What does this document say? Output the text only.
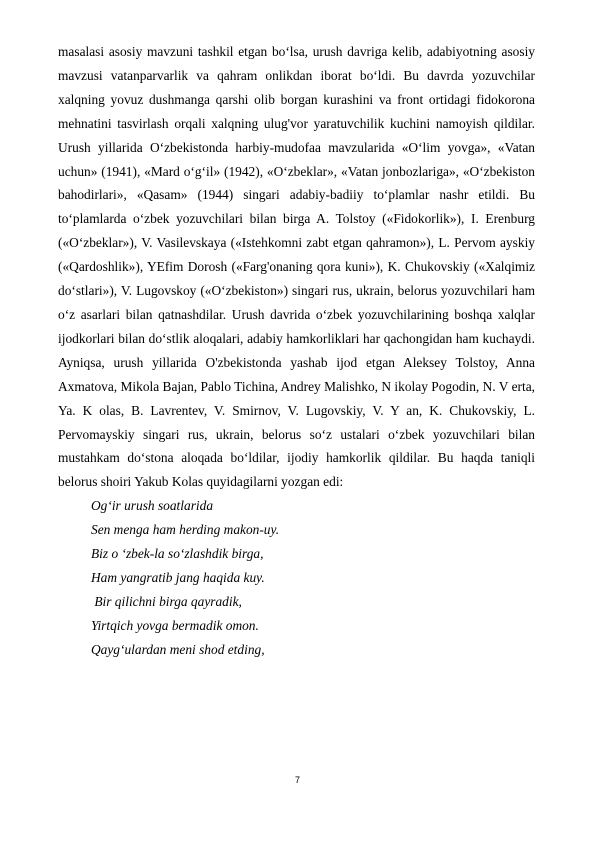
masalasi asosiy mavzuni tashkil etgan bo‘lsa, urush davriga kelib, adabiyotning asosiy mavzusi vatanparvarlik va qahram onlikdan iborat bo‘ldi. Bu davrda yozuvchilar xalqning yovuz dushmanga qarshi olib borgan kurashini va front ortidagi fidokorona mehnatini tasvirlash orqali xalqning ulug'vor yaratuvchilik kuchini namoyish qildilar. Urush yillarida O‘zbekistonda harbiy-mudofaa mavzularida «O‘lim yovga», «Vatan uchun» (1941), «Mard o‘g‘il» (1942), «O‘zbeklar», «Vatan jonbozlariga», «O‘zbekiston bahodirlari», «Qasam» (1944) singari adabiy-badiiy to‘plamlar nashr etildi. Bu to‘plamlarda o‘zbek yozuvchilari bilan birga A. Tolstoy («Fidokorlik»), I. Erenburg («O‘zbeklar»), V. Vasilevskaya («Istehkomni zabt etgan qahramon»), L. Pervom ayskiy («Qardoshlik»), YEfim Dorosh («Farg'onaning qora kuni»), K. Chukovskiy («Xalqimiz do‘stlari»), V. Lugovskoy («O‘zbekiston») singari rus, ukrain, belorus yozuvchilari ham o‘z asarlari bilan qatnashdilar. Urush davrida o‘zbek yozuvchilarining boshqa xalqlar ijodkorlari bilan do‘stlik aloqalari, adabiy hamkorliklari har qachongidan ham kuchaydi. Ayniqsa, urush yillarida O'zbekistonda yashab ijod etgan Aleksey Tolstoy, Anna Axmatova, Mikola Bajan, Pablo Tichina, Andrey Malishko, N ikolay Pogodin, N. V erta, Ya. K olas, B. Lavrentev, V. Smirnov, V. Lugovskiy, V. Y an, K. Chukovskiy, L. Pervomayskiy singari rus, ukrain, belorus so‘z ustalari o‘zbek yozuvchilari bilan mustahkam do‘stona aloqada bo‘ldilar, ijodiy hamkorlik qildilar. Bu haqda taniqli belorus shoiri Yakub Kolas quyidagilarni yozgan edi:

Og‘ir urush soatlarida

Sen menga ham herding makon-uy.

Biz o ‘zbek-la so‘zlashdik birga,

Ham yangratib jang haqida kuy.

Bir qilichni birga qayradik,

Yirtqich yovga bermadik omon.

Qayg‘ulardan meni shod etding,

7
